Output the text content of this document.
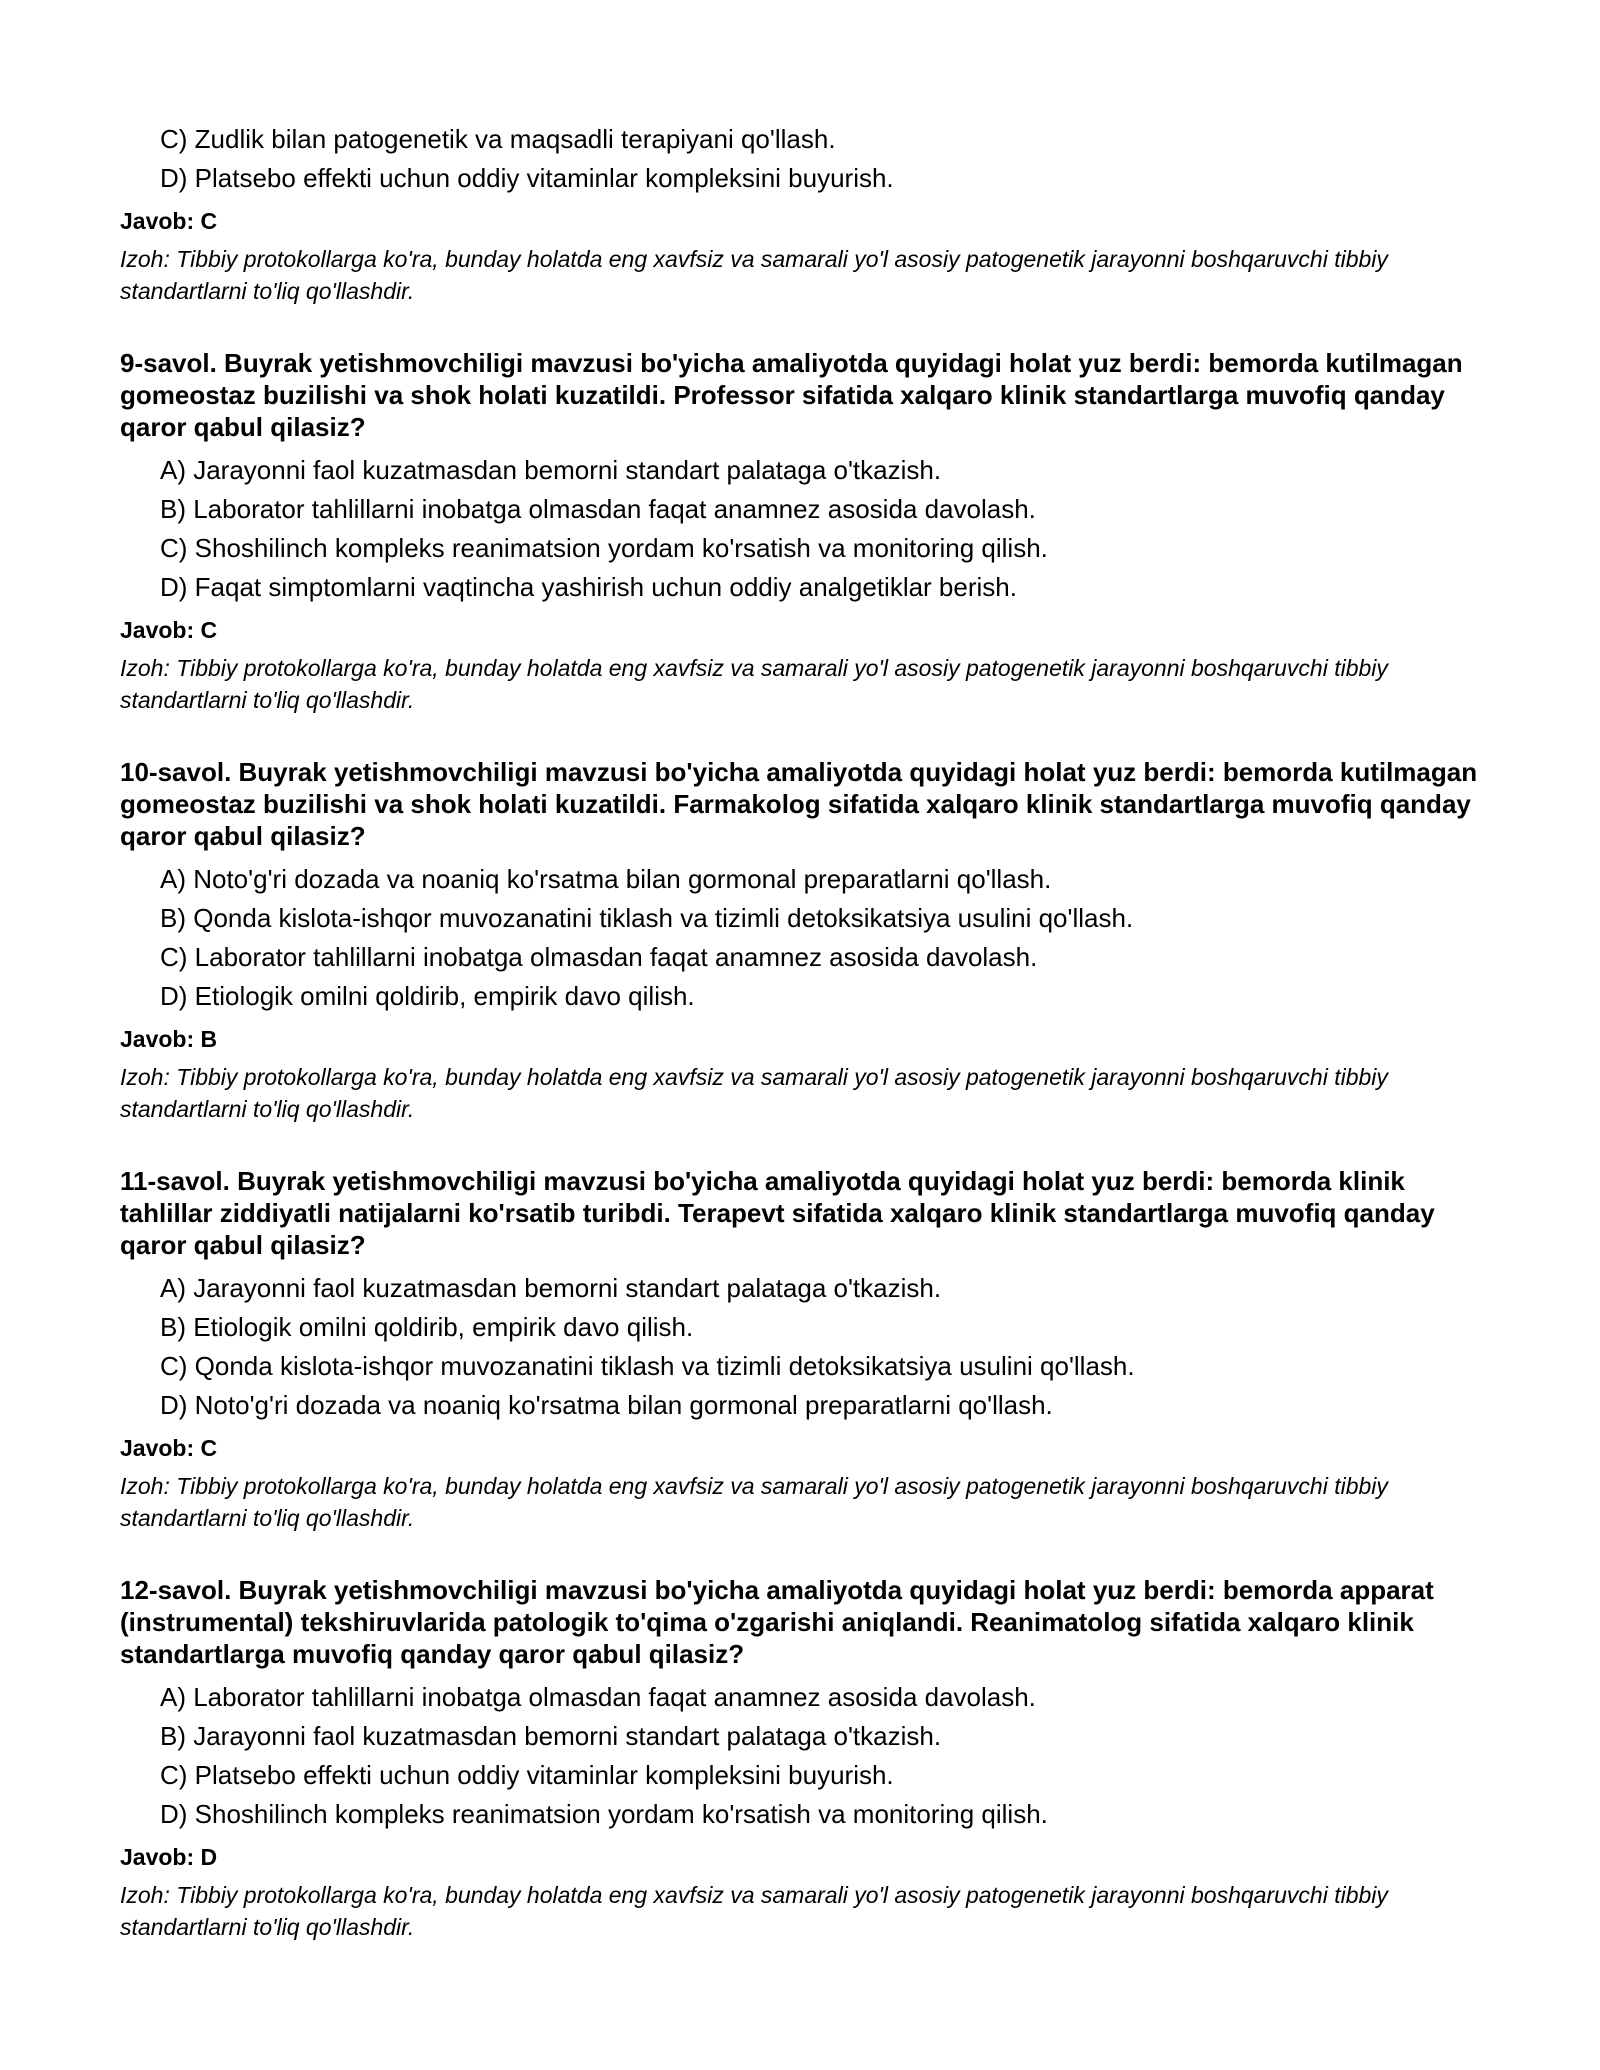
C) Zudlik bilan patogenetik va maqsadli terapiyani qo'llash.
D) Platsebo effekti uchun oddiy vitaminlar kompleksini buyurish.
Javob: C
Izoh: Tibbiy protokollarga ko'ra, bunday holatda eng xavfsiz va samarali yo'l asosiy patogenetik jarayonni boshqaruvchi tibbiy standartlarni to'liq qo'llashdir.
9-savol. Buyrak yetishmovchiligi mavzusi bo'yicha amaliyotda quyidagi holat yuz berdi: bemorda kutilmagan gomeostaz buzilishi va shok holati kuzatildi. Professor sifatida xalqaro klinik standartlarga muvofiq qanday qaror qabul qilasiz?
A) Jarayonni faol kuzatmasdan bemorni standart palataga o'tkazish.
B) Laborator tahlillarni inobatga olmasdan faqat anamnez asosida davolash.
C) Shoshilinch kompleks reanimatsion yordam ko'rsatish va monitoring qilish.
D) Faqat simptomlarni vaqtincha yashirish uchun oddiy analgetiklar berish.
Javob: C
Izoh: Tibbiy protokollarga ko'ra, bunday holatda eng xavfsiz va samarali yo'l asosiy patogenetik jarayonni boshqaruvchi tibbiy standartlarni to'liq qo'llashdir.
10-savol. Buyrak yetishmovchiligi mavzusi bo'yicha amaliyotda quyidagi holat yuz berdi: bemorda kutilmagan gomeostaz buzilishi va shok holati kuzatildi. Farmakolog sifatida xalqaro klinik standartlarga muvofiq qanday qaror qabul qilasiz?
A) Noto'g'ri dozada va noaniq ko'rsatma bilan gormonal preparatlarni qo'llash.
B) Qonda kislota-ishqor muvozanatini tiklash va tizimli detoksikatsiya usulini qo'llash.
C) Laborator tahlillarni inobatga olmasdan faqat anamnez asosida davolash.
D) Etiologik omilni qoldirib, empirik davo qilish.
Javob: B
Izoh: Tibbiy protokollarga ko'ra, bunday holatda eng xavfsiz va samarali yo'l asosiy patogenetik jarayonni boshqaruvchi tibbiy standartlarni to'liq qo'llashdir.
11-savol. Buyrak yetishmovchiligi mavzusi bo'yicha amaliyotda quyidagi holat yuz berdi: bemorda klinik tahlillar ziddiyatli natijalarni ko'rsatib turibdi. Terapevt sifatida xalqaro klinik standartlarga muvofiq qanday qaror qabul qilasiz?
A) Jarayonni faol kuzatmasdan bemorni standart palataga o'tkazish.
B) Etiologik omilni qoldirib, empirik davo qilish.
C) Qonda kislota-ishqor muvozanatini tiklash va tizimli detoksikatsiya usulini qo'llash.
D) Noto'g'ri dozada va noaniq ko'rsatma bilan gormonal preparatlarni qo'llash.
Javob: C
Izoh: Tibbiy protokollarga ko'ra, bunday holatda eng xavfsiz va samarali yo'l asosiy patogenetik jarayonni boshqaruvchi tibbiy standartlarni to'liq qo'llashdir.
12-savol. Buyrak yetishmovchiligi mavzusi bo'yicha amaliyotda quyidagi holat yuz berdi: bemorda apparat (instrumental) tekshiruvlarida patologik to'qima o'zgarishi aniqlandi. Reanimatolog sifatida xalqaro klinik standartlarga muvofiq qanday qaror qabul qilasiz?
A) Laborator tahlillarni inobatga olmasdan faqat anamnez asosida davolash.
B) Jarayonni faol kuzatmasdan bemorni standart palataga o'tkazish.
C) Platsebo effekti uchun oddiy vitaminlar kompleksini buyurish.
D) Shoshilinch kompleks reanimatsion yordam ko'rsatish va monitoring qilish.
Javob: D
Izoh: Tibbiy protokollarga ko'ra, bunday holatda eng xavfsiz va samarali yo'l asosiy patogenetik jarayonni boshqaruvchi tibbiy standartlarni to'liq qo'llashdir.
